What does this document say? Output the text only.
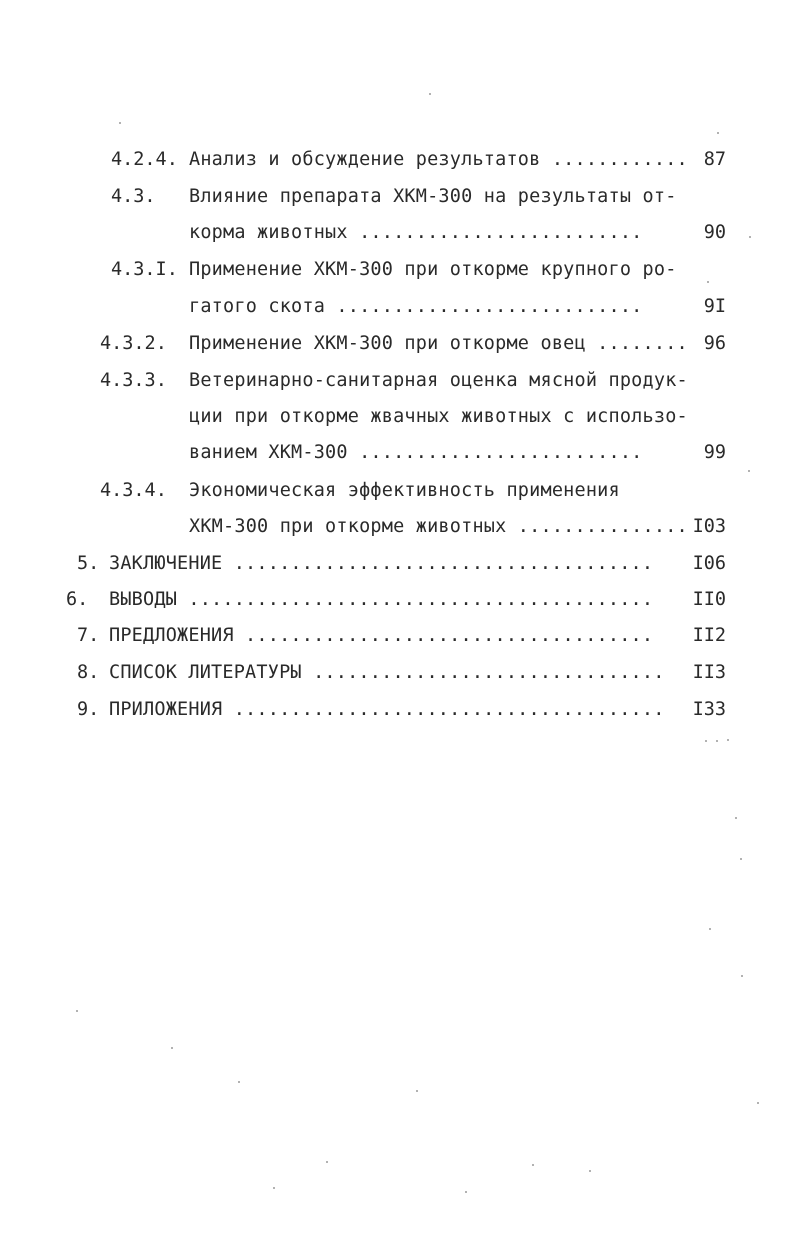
4.2.4. Анализ и обсуждение результатов ............ 87
4.3. Влияние препарата ХКМ-300 на результаты от-
корма животных .........................	90
4.3.I. Применение ХКМ-300 при откорме крупного ро-
гатого скота ...........................	9I
4.3.2. Применение ХКМ-300 при откорме овец ........ 96
4.3.3. Ветеринарно-санитарная оценка мясной продук-
ции при откорме жвачных животных с использо-
ванием ХКМ-300 .........................	99
4.3.4. Экономическая эффективность применения
ХКМ-300 при откорме животных ............... I03
5. ЗАКЛЮЧЕНИЕ .....................................	I06
6. ВЫВОДЫ .........................................	II0
7. ПРЕДЛОЖЕНИЯ ....................................	II2
8. СПИСОК ЛИТЕРАТУРЫ ...............................	II3
9. ПРИЛОЖЕНИЯ ......................................	I33
